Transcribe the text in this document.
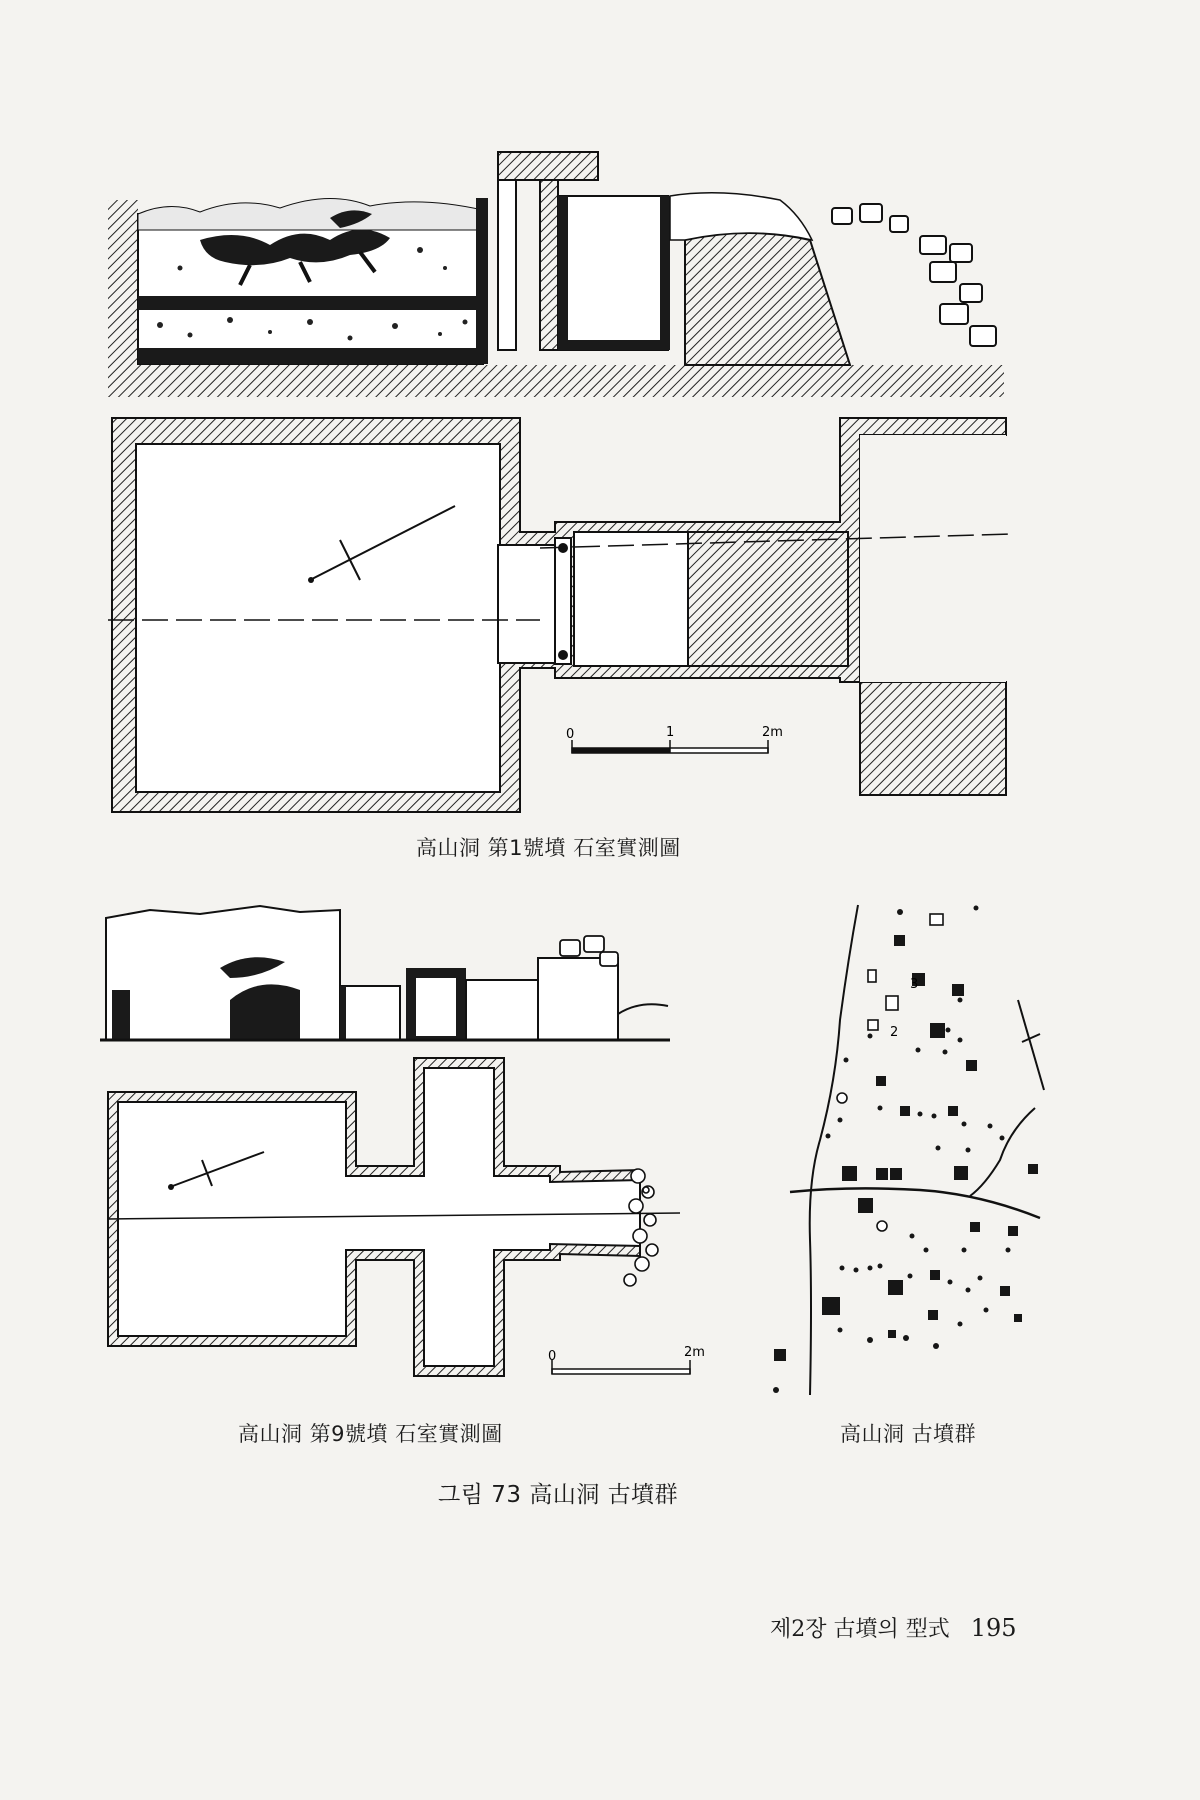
0	1	2m
0	2m
3
2
高山洞 第1號墳 石室實測圖
高山洞 第9號墳 石室實測圖	高山洞 古墳群
그림 73 高山洞 古墳群
제2장 古墳의 型式 195
